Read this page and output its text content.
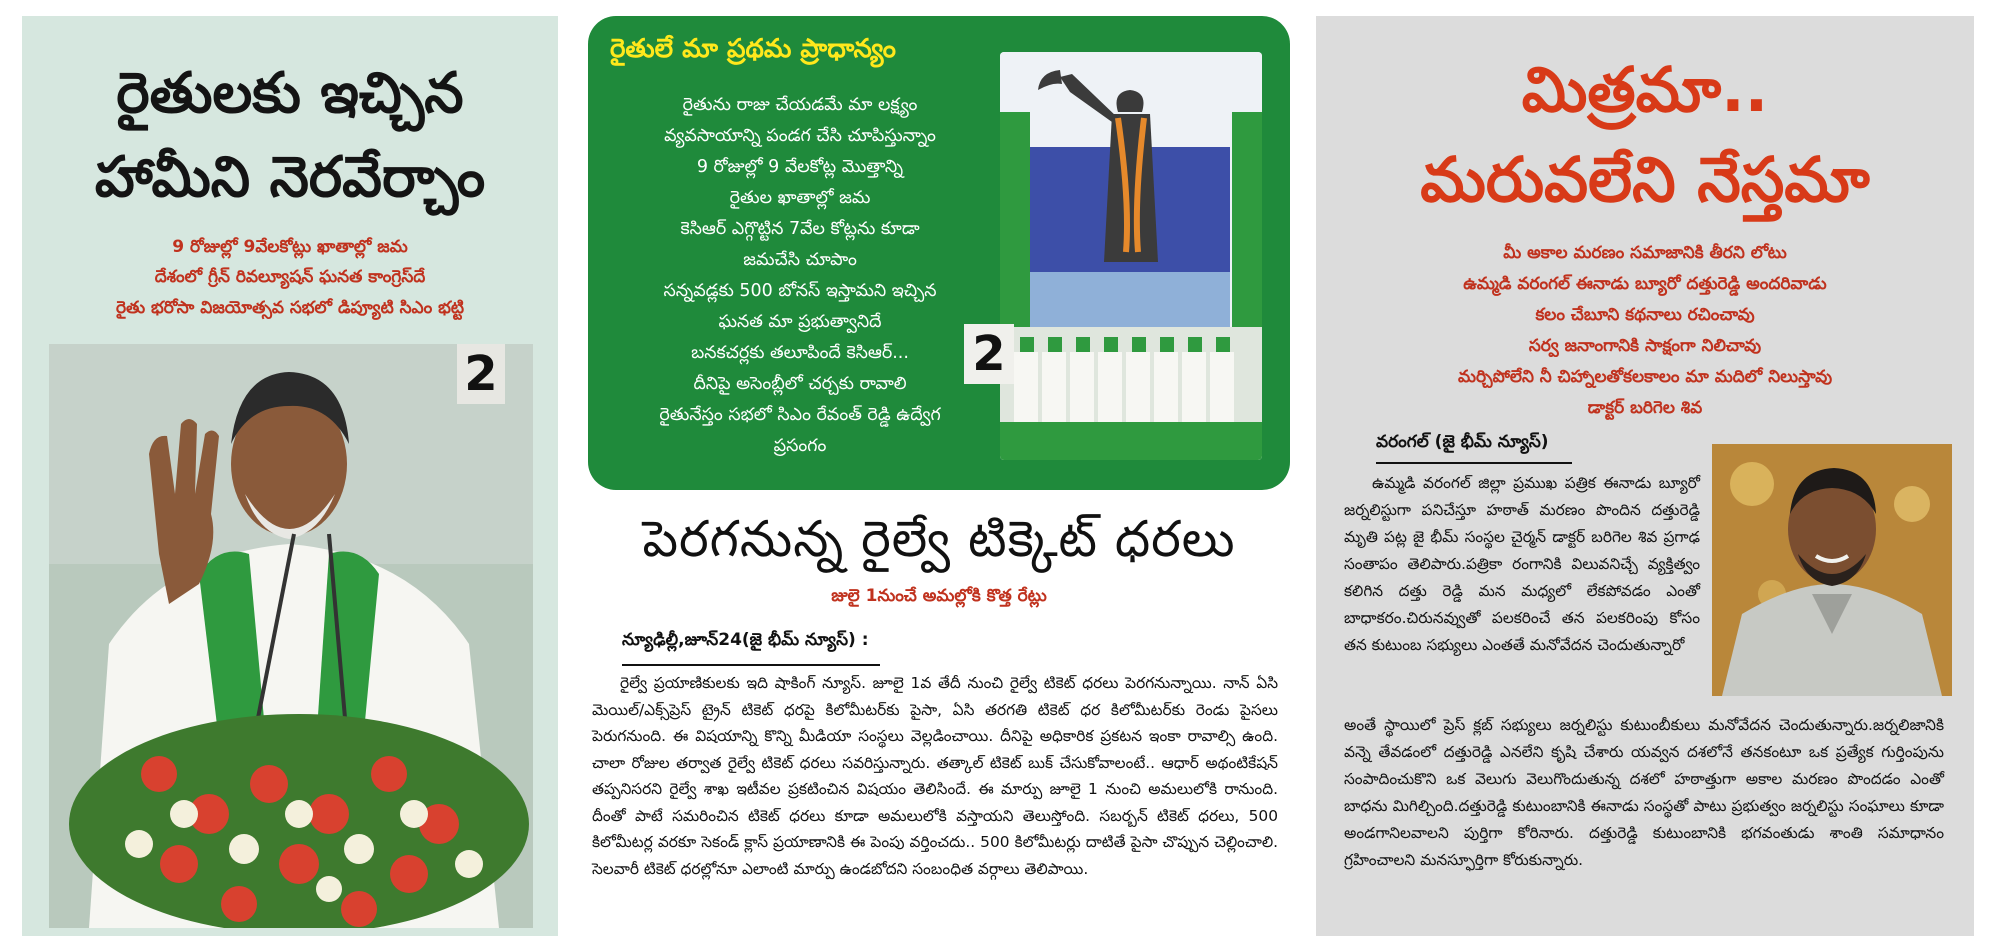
రైతులకు ఇచ్చిన
హామీని నెరవేర్చాం
9 రోజుల్లో 9వేలకోట్లు ఖాతాల్లో జమ
దేశంలో గ్రీన్ రివల్యూషన్ ఘనత కాంగ్రెస్‌దే
రైతు భరోసా విజయోత్సవ సభలో డిప్యూటి సిఎం భట్టి
2
రైతులే మా ప్రథమ ప్రాధాన్యం
రైతును రాజు చేయడమే మా లక్ష్యం
వ్యవసాయాన్ని పండగ చేసి చూపిస్తున్నాం
9 రోజుల్లో 9 వేలకోట్ల మొత్తాన్ని
రైతుల ఖాతాల్లో జమ
కెసిఆర్ ఎగ్గొట్టిన 7వేల కోట్లను కూడా
జమచేసి చూపాం
సన్నవడ్లకు 500 బోనస్ ఇస్తామని ఇచ్చిన
ఘనత మా ప్రభుత్వానిదే
బనకచర్లకు తలూపిందే కెసిఆర్...
దీనిపై అసెంబ్లీలో చర్చకు రావాలి
రైతునేస్తం సభలో సిఎం రేవంత్ రెడ్డి ఉద్వేగ
ప్రసంగం
2
పెరగనున్న రైల్వే టిక్కెట్ ధరలు
జులై 1నుంచే అమల్లోకి కొత్త రేట్లు
న్యూఢిల్లీ,జూన్24(జై భీమ్ న్యూస్) :
రైల్వే ప్రయాణికులకు ఇది షాకింగ్ న్యూస్. జూలై 1వ తేదీ నుంచి రైల్వే టికెట్ ధరలు పెరగనున్నాయి. నాన్ ఏసి మెయిల్/ఎక్స్‌ప్రెస్ ట్రైన్ టికెట్ ధరపై కిలోమీటర్‌కు పైసా, ఏసి తరగతి టికెట్ ధర కిలోమీటర్‌కు రెండు పైసలు పెరుగనుంది. ఈ విషయాన్ని కొన్ని మీడియా సంస్థలు వెల్లడించాయి. దీనిపై అధికారిక ప్రకటన ఇంకా రావాల్సి ఉంది. చాలా రోజుల తర్వాత రైల్వే టికెట్ ధరలు సవరిస్తున్నారు. తత్కాల్ టికెట్ బుక్ చేసుకోవాలంటే.. ఆధార్ అథంటికేషన్ తప్పనిసరని రైల్వే శాఖ ఇటీవల ప్రకటించిన విషయం తెలిసిందే. ఈ మార్పు జూలై 1 నుంచి అమలులోకి రానుంది. దీంతో పాటే సమరించిన టికెట్ ధరలు కూడా అమలులోకి వస్తాయని తెలుస్తోంది. సబర్బన్ టికెట్ ధరలు, 500 కిలోమీటర్ల వరకూ సెకండ్ క్లాస్ ప్రయాణానికి ఈ పెంపు వర్తించదు.. 500 కిలోమీటర్లు దాటితే పైసా చొప్పున చెల్లించాలి. సెలవారీ టికెట్ ధరల్లోనూ ఎలాంటి మార్పు ఉండబోదని సంబంధిత వర్గాలు తెలిపాయి.
మిత్రమా..
మరువలేని నేస్తమా
మీ అకాల మరణం సమాజానికి తీరని లోటు
ఉమ్మడి వరంగల్ ఈనాడు బ్యూరో దత్తురెడ్డి అందరివాడు
కలం చేబూని కథనాలు రచించావు
సర్వ జనాంగానికి సాక్షంగా నిలిచావు
మర్చిపోలేని నీ చిహ్నాలతోకలకాలం మా మదిలో నిలుస్తావు
డాక్టర్ బరిగెల శివ
వరంగల్ (జై భీమ్ న్యూస్)
ఉమ్మడి వరంగల్ జిల్లా ప్రముఖ పత్రిక ఈనాడు బ్యూరో జర్నలిస్టుగా పనిచేస్తూ హఠాత్ మరణం పొందిన దత్తురెడ్డి మృతి పట్ల జై భీమ్ సంస్థల చైర్మన్ డాక్టర్ బరిగెల శివ ప్రగాఢ సంతాపం తెలిపారు.పత్రికా రంగానికి విలువనిచ్చే వ్యక్తిత్వం కలిగిన దత్తు రెడ్డి మన మధ్యలో లేకపోవడం ఎంతో బాధాకరం.చిరునవ్వుతో పలకరించే తన పలకరింపు కోసం తన కుటుంబ సభ్యులు ఎంతతే మనోవేదన చెందుతున్నారో
అంతే స్థాయిలో ప్రెస్ క్లబ్ సభ్యులు జర్నలిస్టు కుటుంబీకులు మనోవేదన చెందుతున్నారు.జర్నలిజానికి వన్నె తేవడంలో దత్తురెడ్డి ఎనలేని కృషి చేశారు యవ్వన దశలోనే తనకంటూ ఒక ప్రత్యేక గుర్తింపును సంపాదించుకొని ఒక వెలుగు వెలుగొందుతున్న దశలో హఠాత్తుగా అకాల మరణం పొందడం ఎంతో బాధను మిగిల్చింది.దత్తురెడ్డి కుటుంబానికి ఈనాడు సంస్థతో పాటు ప్రభుత్వం జర్నలిస్టు సంఘాలు కూడా అండగానిలవాలని పుర్తిగా కోరినారు. దత్తురెడ్డి కుటుంబానికి భగవంతుడు శాంతి సమాధానం గ్రహించాలని మనస్ఫూర్తిగా కోరుకున్నారు.
